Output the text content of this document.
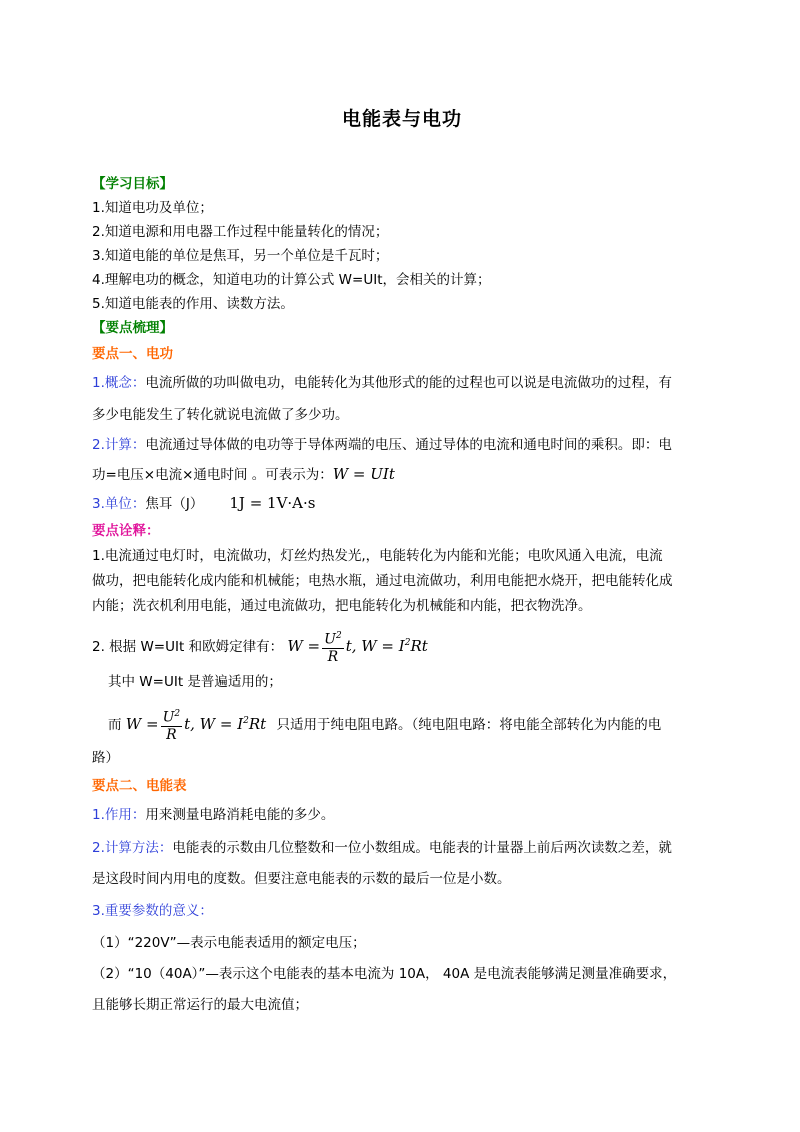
电能表与电功
【学习目标】
1.知道电功及单位；
2.知道电源和用电器工作过程中能量转化的情况；
3.知道电能的单位是焦耳，另一个单位是千瓦时；
4.理解电功的概念，知道电功的计算公式 W=UIt，会相关的计算；
5.知道电能表的作用、读数方法。
【要点梳理】
要点一、电功
1.概念：电流所做的功叫做电功，电能转化为其他形式的能的过程也可以说是电流做功的过程，有
多少电能发生了转化就说电流做了多少功。
2.计算：电流通过导体做的电功等于导体两端的电压、通过导体的电流和通电时间的乘积。即：电
功=电压×电流×通电时间 。可表示为：W = UIt
3.单位：焦耳（J） 1J = 1V·A·s
要点诠释：
1.电流通过电灯时，电流做功，灯丝灼热发光,，电能转化为内能和光能；电吹风通入电流，电流
做功，把电能转化成内能和机械能；电热水瓶，通过电流做功，利用电能把水烧开，把电能转化成
内能；洗衣机利用电能，通过电流做功，把电能转化为机械能和内能，把衣物洗净。
2. 根据 W=UIt 和欧姆定律有： $W = \frac{U^2}{R} t$, $W = I^2Rt$
其中 W=UIt 是普遍适用的；
而 $W = \frac{U^2}{R} t$, $W = I^2Rt$ 只适用于纯电阻电路。（纯电阻电路：将电能全部转化为内能的电
路）
要点二、电能表
1.作用：用来测量电路消耗电能的多少。
2.计算方法：电能表的示数由几位整数和一位小数组成。电能表的计量器上前后两次读数之差，就
是这段时间内用电的度数。但要注意电能表的示数的最后一位是小数。
3.重要参数的意义：
（1）“220V”—表示电能表适用的额定电压；
（2）“10（40A）”—表示这个电能表的基本电流为 10A， 40A 是电流表能够满足测量准确要求，
且能够长期正常运行的最大电流值；
